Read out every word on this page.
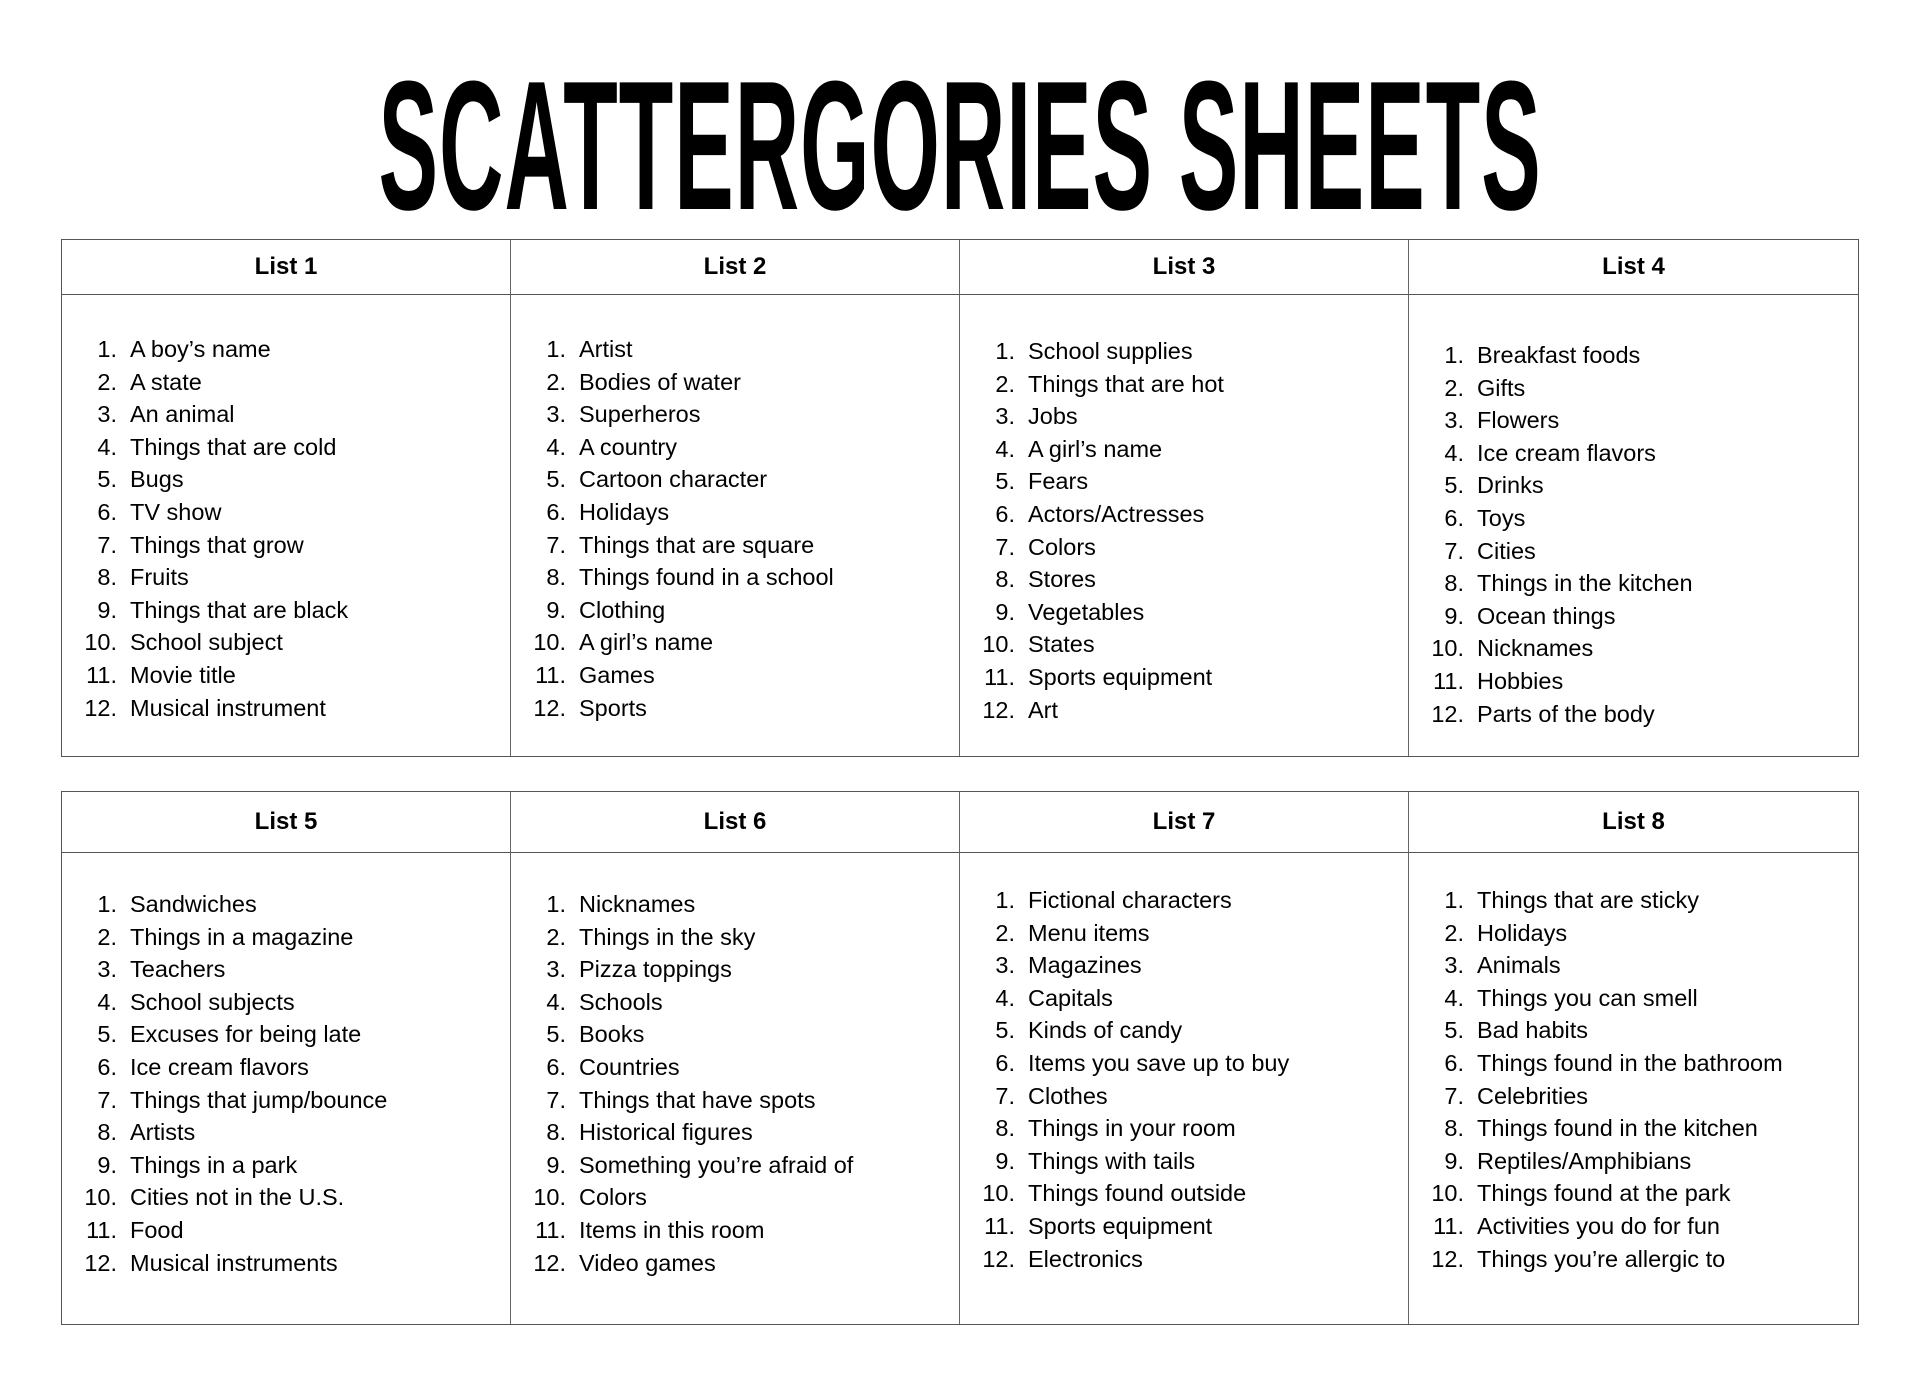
SCATTERGORIES SHEETS
List 1	List 2	List 3	List 4
1. A boy’s name
2. A state
3. An animal
4. Things that are cold
5. Bugs
6. TV show
7. Things that grow
8. Fruits
9. Things that are black
10. School subject
11. Movie title
12. Musical instrument
1. Artist
2. Bodies of water
3. Superheros
4. A country
5. Cartoon character
6. Holidays
7. Things that are square
8. Things found in a school
9. Clothing
10. A girl’s name
11. Games
12. Sports
1. School supplies
2. Things that are hot
3. Jobs
4. A girl’s name
5. Fears
6. Actors/Actresses
7. Colors
8. Stores
9. Vegetables
10. States
11. Sports equipment
12. Art
1. Breakfast foods
2. Gifts
3. Flowers
4. Ice cream flavors
5. Drinks
6. Toys
7. Cities
8. Things in the kitchen
9. Ocean things
10. Nicknames
11. Hobbies
12. Parts of the body
List 5	List 6	List 7	List 8
1. Sandwiches
2. Things in a magazine
3. Teachers
4. School subjects
5. Excuses for being late
6. Ice cream flavors
7. Things that jump/bounce
8. Artists
9. Things in a park
10. Cities not in the U.S.
11. Food
12. Musical instruments
1. Nicknames
2. Things in the sky
3. Pizza toppings
4. Schools
5. Books
6. Countries
7. Things that have spots
8. Historical figures
9. Something you’re afraid of
10. Colors
11. Items in this room
12. Video games
1. Fictional characters
2. Menu items
3. Magazines
4. Capitals
5. Kinds of candy
6. Items you save up to buy
7. Clothes
8. Things in your room
9. Things with tails
10. Things found outside
11. Sports equipment
12. Electronics
1. Things that are sticky
2. Holidays
3. Animals
4. Things you can smell
5. Bad habits
6. Things found in the bathroom
7. Celebrities
8. Things found in the kitchen
9. Reptiles/Amphibians
10. Things found at the park
11. Activities you do for fun
12. Things you’re allergic to
